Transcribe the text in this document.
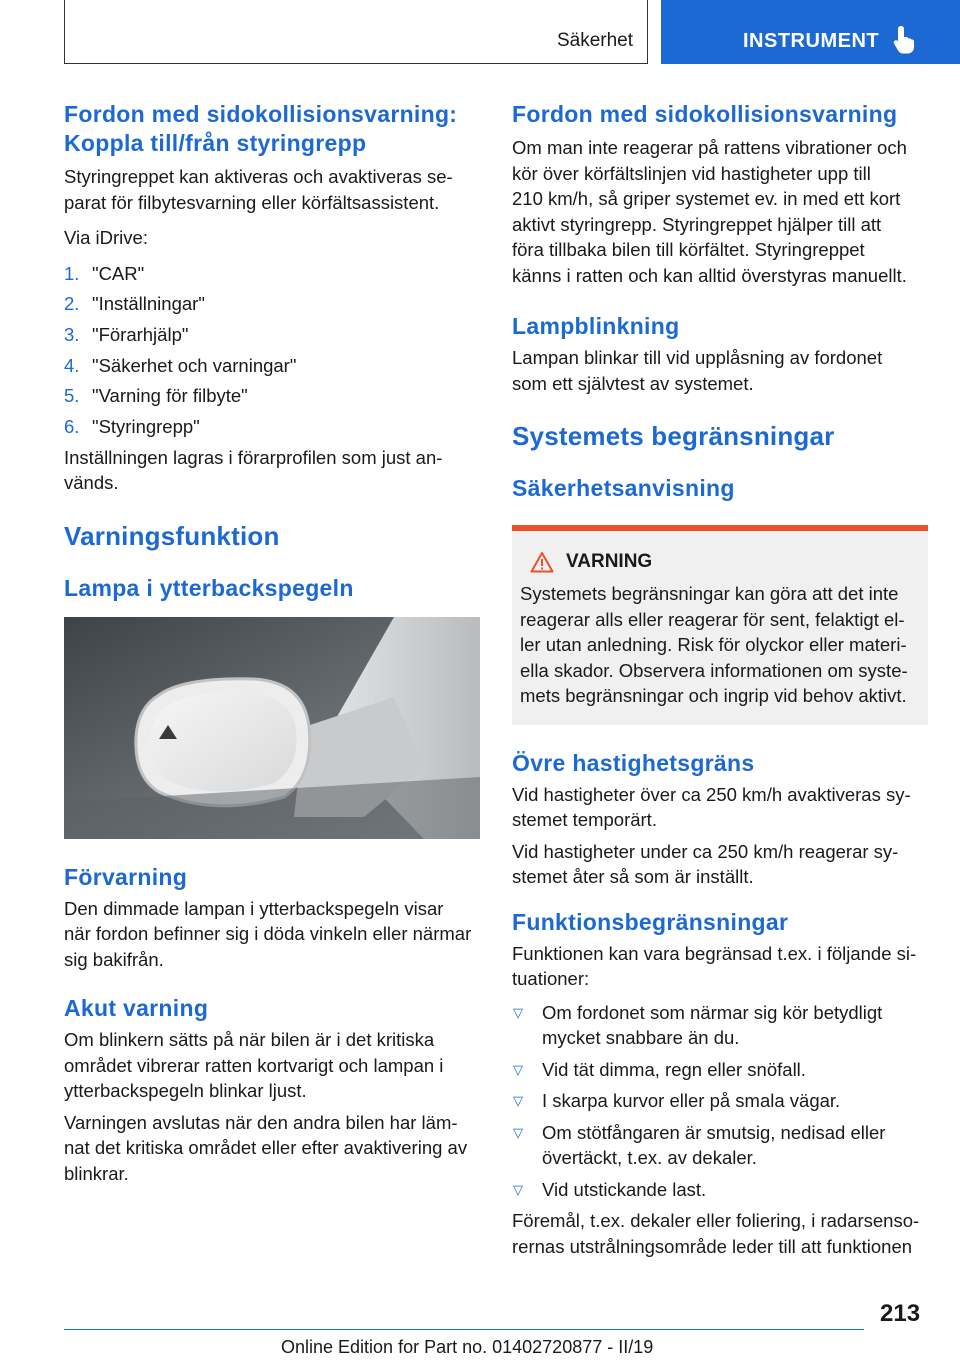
Säkerhet	INSTRUMENT
Fordon med sidokollisionsvarning:
Koppla till/från styringrepp

Styringreppet kan aktiveras och avaktiveras se-
parat för filbytesvarning eller körfältsassistent.

Via iDrive:

1. "CAR"
2. "Inställningar"
3. "Förarhjälp"
4. "Säkerhet och varningar"
5. "Varning för filbyte"
6. "Styringrepp"

Inställningen lagras i förarprofilen som just an-
vänds.

Varningsfunktion
Lampa i ytterbackspegeln
Förvarning

Den dimmade lampan i ytterbackspegeln visar
när fordon befinner sig i döda vinkeln eller närmar
sig bakifrån.

Akut varning

Om blinkern sätts på när bilen är i det kritiska
området vibrerar ratten kortvarigt och lampan i
ytterbackspegeln blinkar ljust.

Varningen avslutas när den andra bilen har läm-
nat det kritiska området eller efter avaktivering av
blinkrar.

Fordon med sidokollisionsvarning

Om man inte reagerar på rattens vibrationer och
kör över körfältslinjen vid hastigheter upp till
210 km/h, så griper systemet ev. in med ett kort
aktivt styringrepp. Styringreppet hjälper till att
föra tillbaka bilen till körfältet. Styringreppet
känns i ratten och kan alltid överstyras manuellt.

Lampblinkning

Lampan blinkar till vid upplåsning av fordonet
som ett självtest av systemet.

Systemets begränsningar
Säkerhetsanvisning
VARNING

Systemets begränsningar kan göra att det inte
reagerar alls eller reagerar för sent, felaktigt el-
ler utan anledning. Risk för olyckor eller materi-
ella skador. Observera informationen om syste-
mets begränsningar och ingrip vid behov aktivt.

Övre hastighetsgräns

Vid hastigheter över ca 250 km/h avaktiveras sy-
stemet temporärt.

Vid hastigheter under ca 250 km/h reagerar sy-
stemet åter så som är inställt.

Funktionsbegränsningar

Funktionen kan vara begränsad t.ex. i följande si-
tuationer:

▽	Om fordonet som närmar sig kör betydligt
mycket snabbare än du.
▽	Vid tät dimma, regn eller snöfall.
▽	I skarpa kurvor eller på smala vägar.
▽	Om stötfångaren är smutsig, nedisad eller
övertäckt, t.ex. av dekaler.
▽	Vid utstickande last.

Föremål, t.ex. dekaler eller foliering, i radarsenso-
rernas utstrålningsområde leder till att funktionen

213
Online Edition for Part no. 01402720877 - II/19
